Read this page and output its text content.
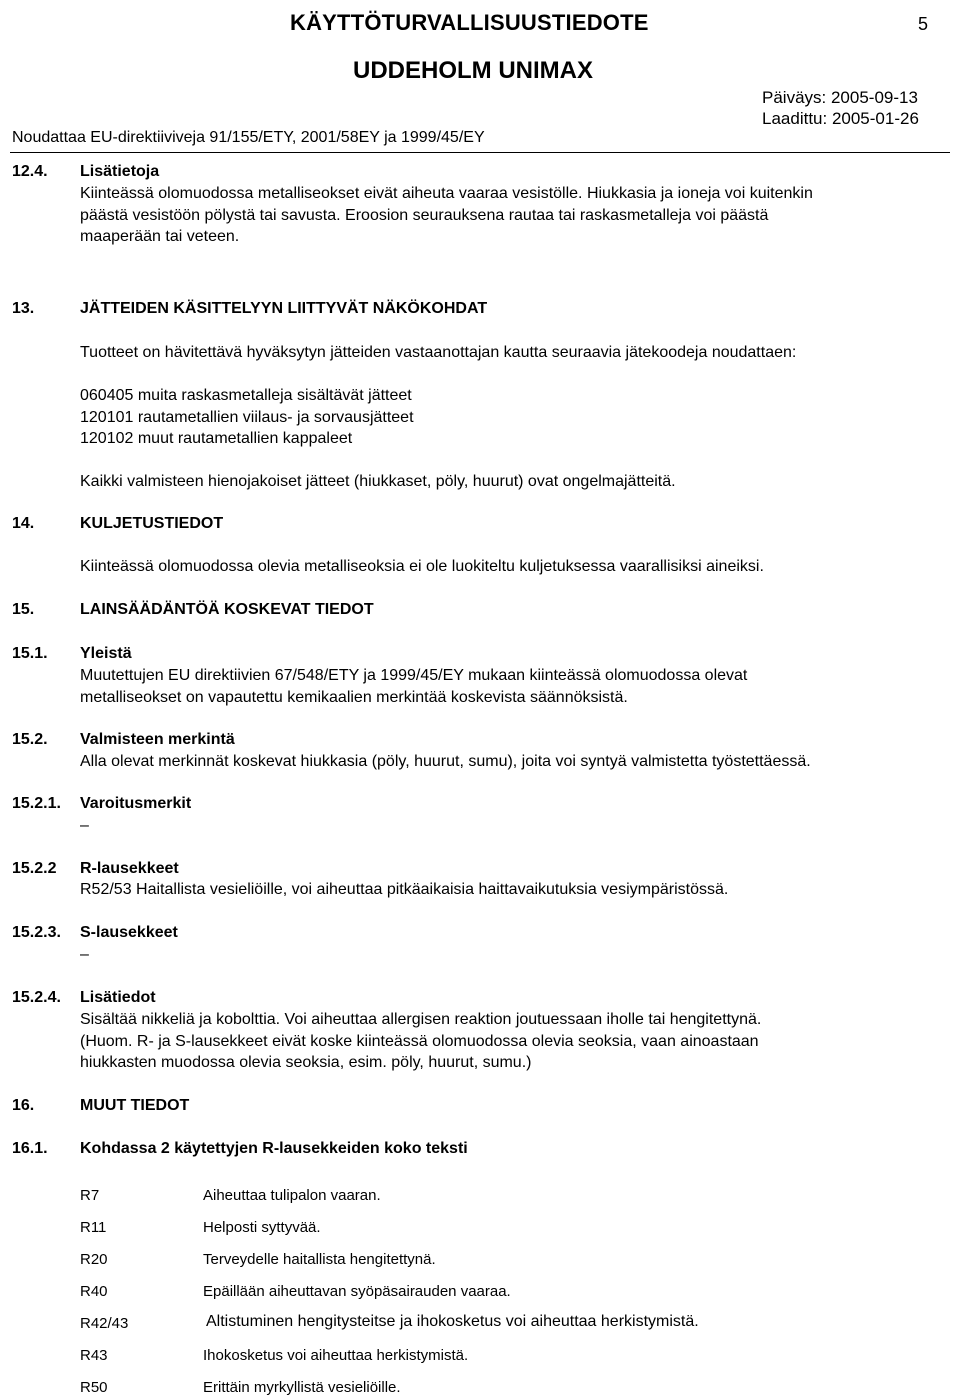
KÄYTTÖTURVALLISUUSTIEDOTE	5
UDDEHOLM UNIMAX
Päiväys: 2005-09-13
Laadittu: 2005-01-26
Noudattaa EU-direktiiviveja 91/155/ETY, 2001/58EY ja 1999/45/EY
12.4. Lisätietoja
Kiinteässä olomuodossa metalliseokset eivät aiheuta vaaraa vesistölle. Hiukkasia ja ioneja voi kuitenkin
päästä vesistöön pölystä tai savusta. Eroosion seurauksena rautaa tai raskasmetalleja voi päästä
maaperään tai veteen.
13.	JÄTTEIDEN KÄSITTELYYN LIITTYVÄT NÄKÖKOHDAT
Tuotteet on hävitettävä hyväksytyn jätteiden vastaanottajan kautta seuraavia jätekoodeja noudattaen:
060405 muita raskasmetalleja sisältävät jätteet
120101 rautametallien viilaus- ja sorvausjätteet
120102 muut rautametallien kappaleet
Kaikki valmisteen hienojakoiset jätteet (hiukkaset, pöly, huurut) ovat ongelmajätteitä.
14.	KULJETUSTIEDOT
Kiinteässä olomuodossa olevia metalliseoksia ei ole luokiteltu kuljetuksessa vaarallisiksi aineiksi.
15.	LAINSÄÄDÄNTÖÄ KOSKEVAT TIEDOT
15.1. Yleistä
Muutettujen EU direktiivien 67/548/ETY ja 1999/45/EY mukaan kiinteässä olomuodossa olevat
metalliseokset on vapautettu kemikaalien merkintää koskevista säännöksistä.
15.2. Valmisteen merkintä
Alla olevat merkinnät koskevat hiukkasia (pöly, huurut, sumu), joita voi syntyä valmistetta työstettäessä.
15.2.1. Varoitusmerkit
–
15.2.2 R-lausekkeet
R52/53 Haitallista vesieliöille, voi aiheuttaa pitkäaikaisia haittavaikutuksia vesiympäristössä.
15.2.3. S-lausekkeet
–
15.2.4. Lisätiedot
Sisältää nikkeliä ja kobolttia. Voi aiheuttaa allergisen reaktion joutuessaan iholle tai hengitettynä.
(Huom. R- ja S-lausekkeet eivät koske kiinteässä olomuodossa olevia seoksia, vaan ainoastaan
hiukkasten muodossa olevia seoksia, esim. pöly, huurut, sumu.)
16.	MUUT TIEDOT
16.1. Kohdassa 2 käytettyjen R-lausekkeiden koko teksti
R7	Aiheuttaa tulipalon vaaran.
R11	Helposti syttyvää.
R20	Terveydelle haitallista hengitettynä.
R40	Epäillään aiheuttavan syöpäsairauden vaaraa.
R42/43	Altistuminen hengitysteitse ja ihokosketus voi aiheuttaa herkistymistä.
R43	Ihokosketus voi aiheuttaa herkistymistä.
R50	Erittäin myrkyllistä vesieliöille.
